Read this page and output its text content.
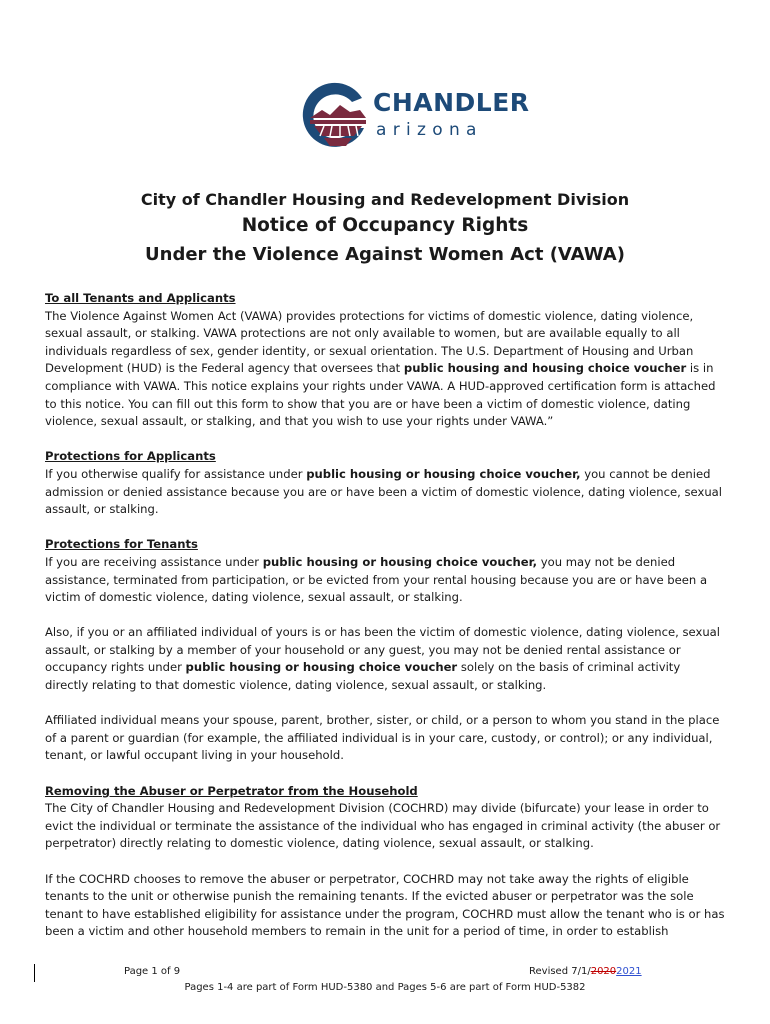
CHANDLER
arizona
City of Chandler Housing and Redevelopment Division
Notice of Occupancy Rights
Under the Violence Against Women Act (VAWA)

To all Tenants and Applicants

The Violence Against Women Act (VAWA) provides protections for victims of domestic violence, dating violence, sexual assault, or stalking. VAWA protections are not only available to women, but are available equally to all individuals regardless of sex, gender identity, or sexual orientation. The U.S. Department of Housing and Urban Development (HUD) is the Federal agency that oversees that public housing and housing choice voucher is in compliance with VAWA. This notice explains your rights under VAWA. A HUD-approved certification form is attached to this notice. You can fill out this form to show that you are or have been a victim of domestic violence, dating violence, sexual assault, or stalking, and that you wish to use your rights under VAWA.”

Protections for Applicants

If you otherwise qualify for assistance under public housing or housing choice voucher, you cannot be denied admission or denied assistance because you are or have been a victim of domestic violence, dating violence, sexual assault, or stalking.

Protections for Tenants

If you are receiving assistance under public housing or housing choice voucher, you may not be denied assistance, terminated from participation, or be evicted from your rental housing because you are or have been a victim of domestic violence, dating violence, sexual assault, or stalking.

Also, if you or an affiliated individual of yours is or has been the victim of domestic violence, dating violence, sexual assault, or stalking by a member of your household or any guest, you may not be denied rental assistance or occupancy rights under public housing or housing choice voucher solely on the basis of criminal activity directly relating to that domestic violence, dating violence, sexual assault, or stalking.

Affiliated individual means your spouse, parent, brother, sister, or child, or a person to whom you stand in the place of a parent or guardian (for example, the affiliated individual is in your care, custody, or control); or any individual, tenant, or lawful occupant living in your household.

Removing the Abuser or Perpetrator from the Household

The City of Chandler Housing and Redevelopment Division (COCHRD) may divide (bifurcate) your lease in order to evict the individual or terminate the assistance of the individual who has engaged in criminal activity (the abuser or perpetrator) directly relating to domestic violence, dating violence, sexual assault, or stalking.

If the COCHRD chooses to remove the abuser or perpetrator, COCHRD may not take away the rights of eligible tenants to the unit or otherwise punish the remaining tenants. If the evicted abuser or perpetrator was the sole tenant to have established eligibility for assistance under the program, COCHRD must allow the tenant who is or has been a victim and other household members to remain in the unit for a period of time, in order to establish

Page 1 of 9	Revised 7/1/20202021
Pages 1-4 are part of Form HUD-5380 and Pages 5-6 are part of Form HUD-5382
